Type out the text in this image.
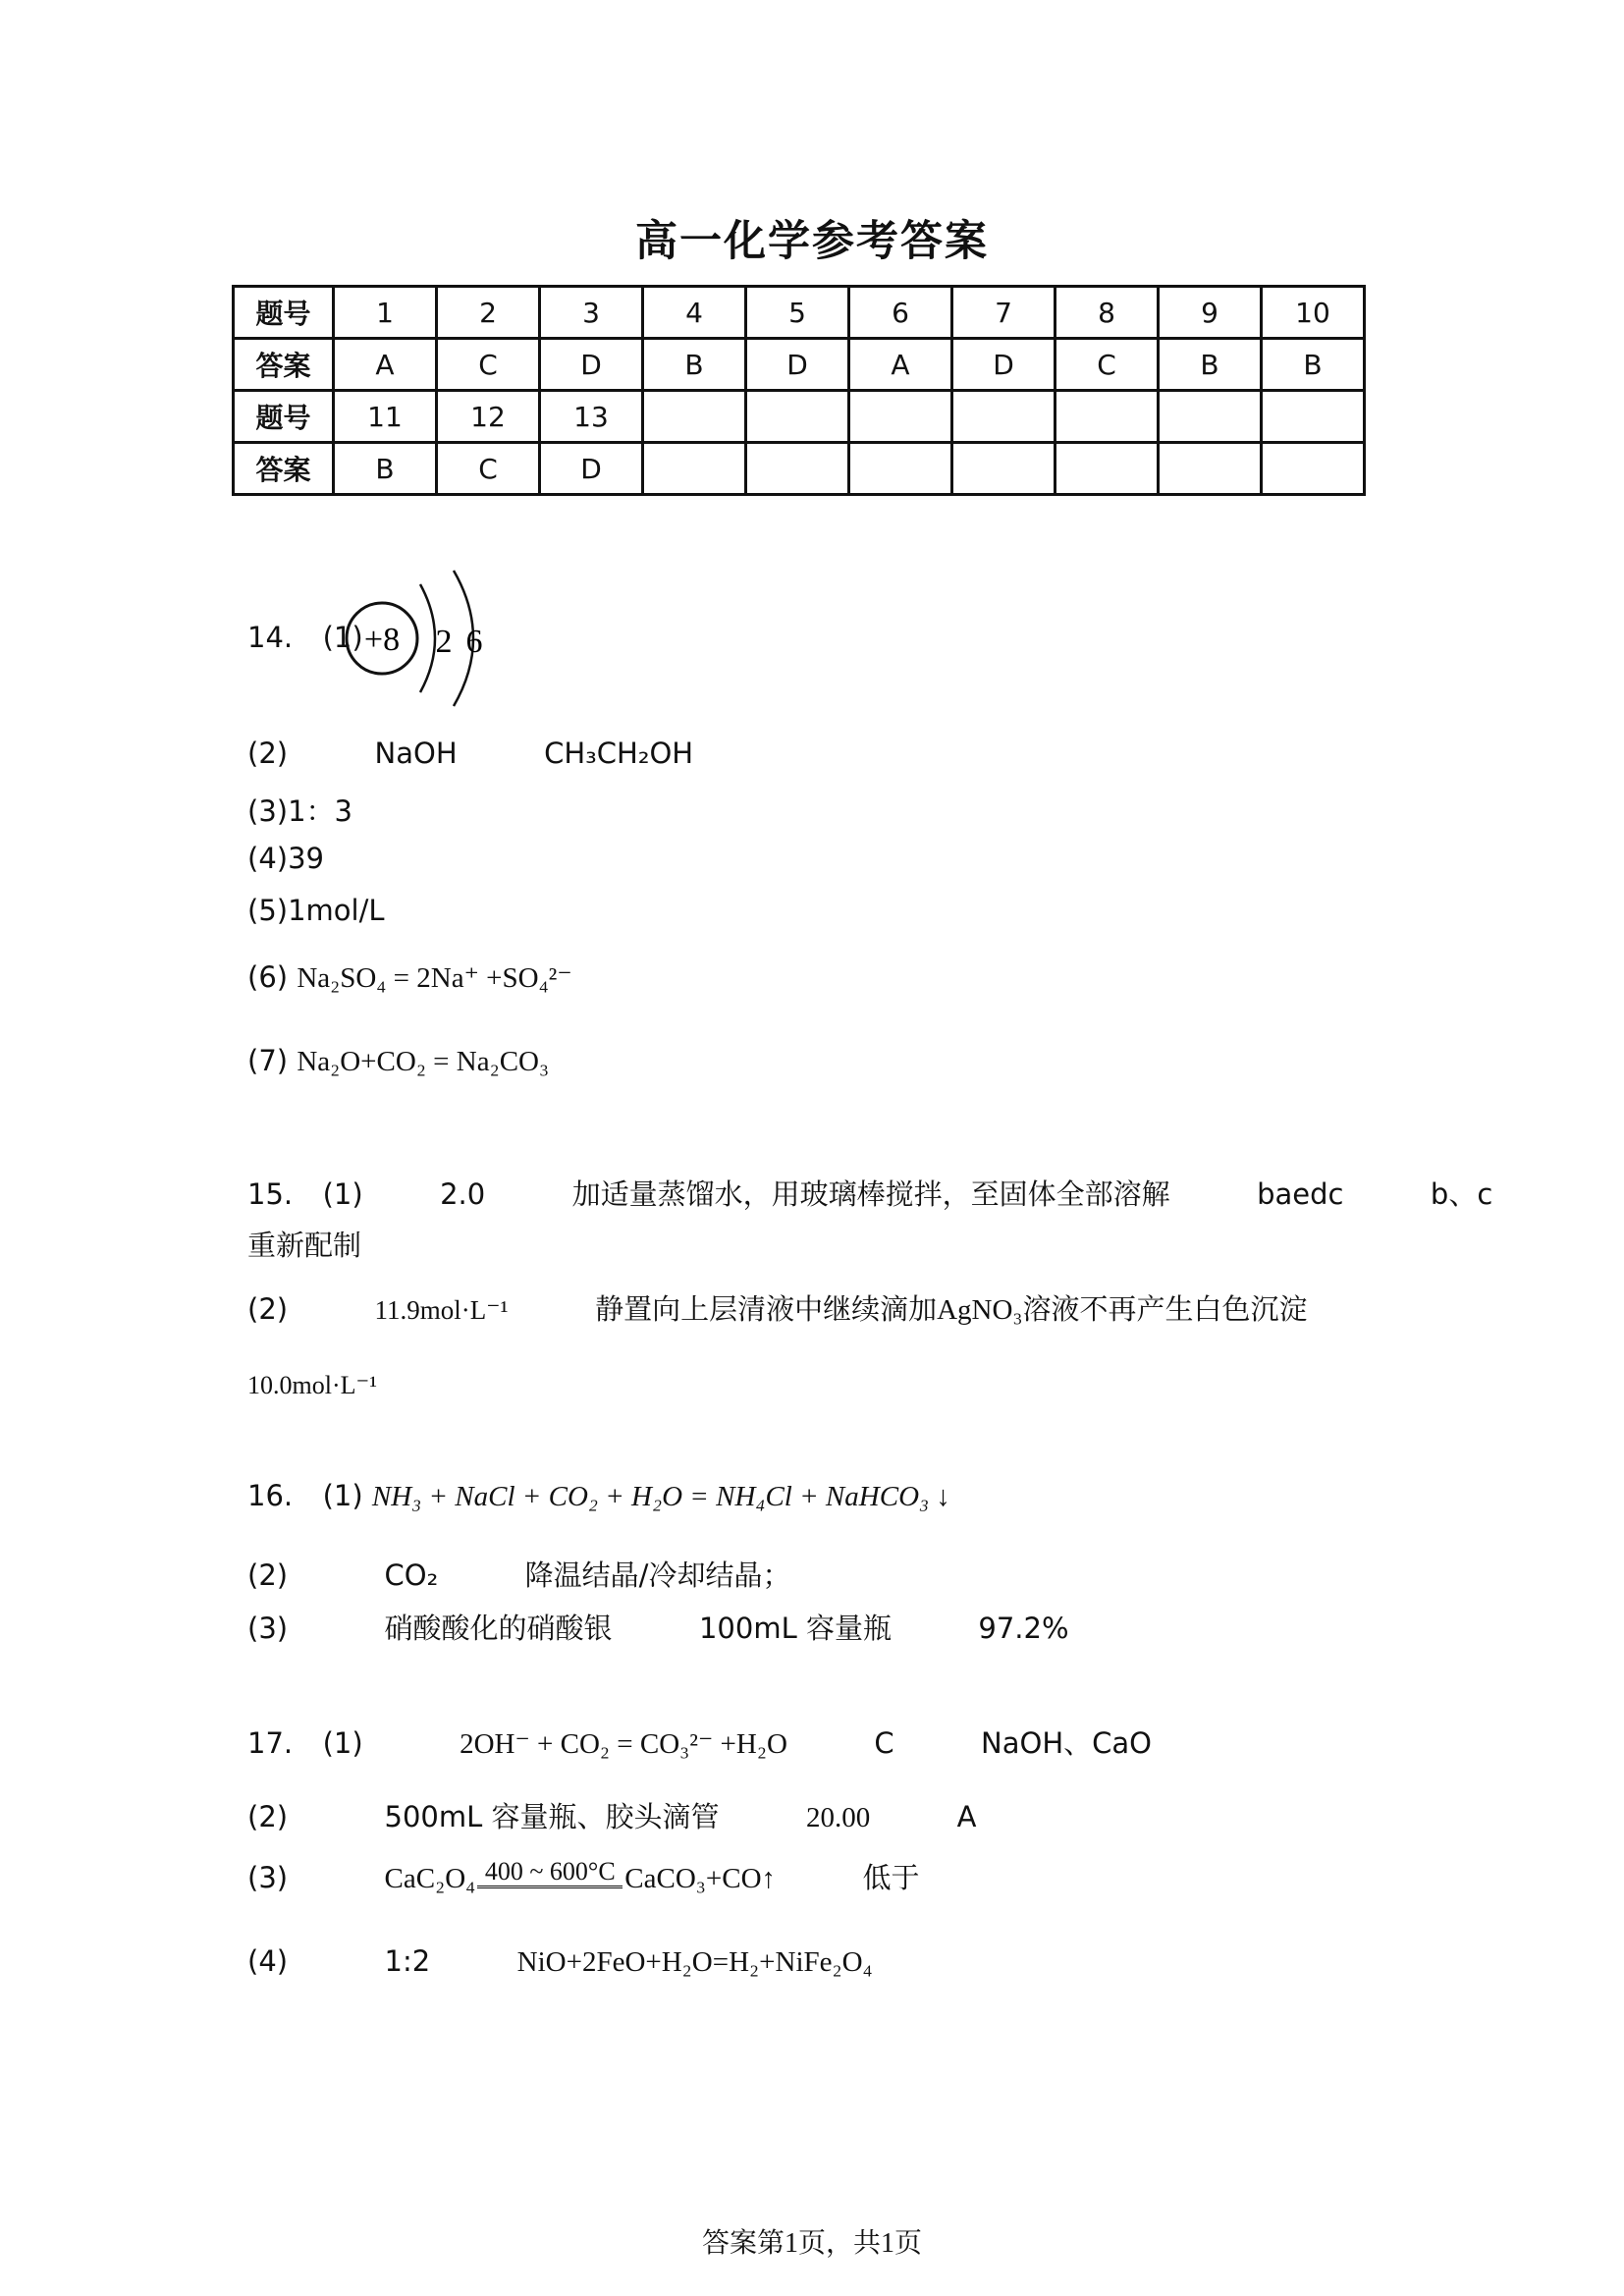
高一化学参考答案
题号	1	2	3	4	5	6	7	8	9	10
答案	A	C	D	B	D	A	D	C	B	B
题号	11	12	13							
答案	B	C	D							
14. (1) +8 2 6
(2)	NaOH	CH₃CH₂OH
(3)1：3
(4)39
(5)1mol/L
(6) Na₂SO₄ = 2Na⁺ +SO₄²⁻
(7) Na₂O+CO₂ = Na₂CO₃
15. (1)	2.0	加适量蒸馏水，用玻璃棒搅拌，至固体全部溶解	baedc	b、c
重新配制
(2)	11.9mol·L⁻¹	静置向上层清液中继续滴加AgNO₃溶液不再产生白色沉淀
10.0mol·L⁻¹
16. (1) NH₃ + NaCl + CO₂ + H₂O = NH₄Cl + NaHCO₃ ↓
(2)	CO₂	降温结晶/冷却结晶；
(3)	硝酸酸化的硝酸银	100mL 容量瓶	97.2%
17. (1)	2OH⁻ + CO₂ = CO₃²⁻ +H₂O	C	NaOH、CaO
(2)	500mL 容量瓶、胶头滴管	20.00	A
(3)	CaC₂O₄ 400 ~ 600°C CaCO₃+CO↑	低于
(4)	1:2	NiO+2FeO+H₂O=H₂+NiFe₂O₄
答案第1页，共1页
